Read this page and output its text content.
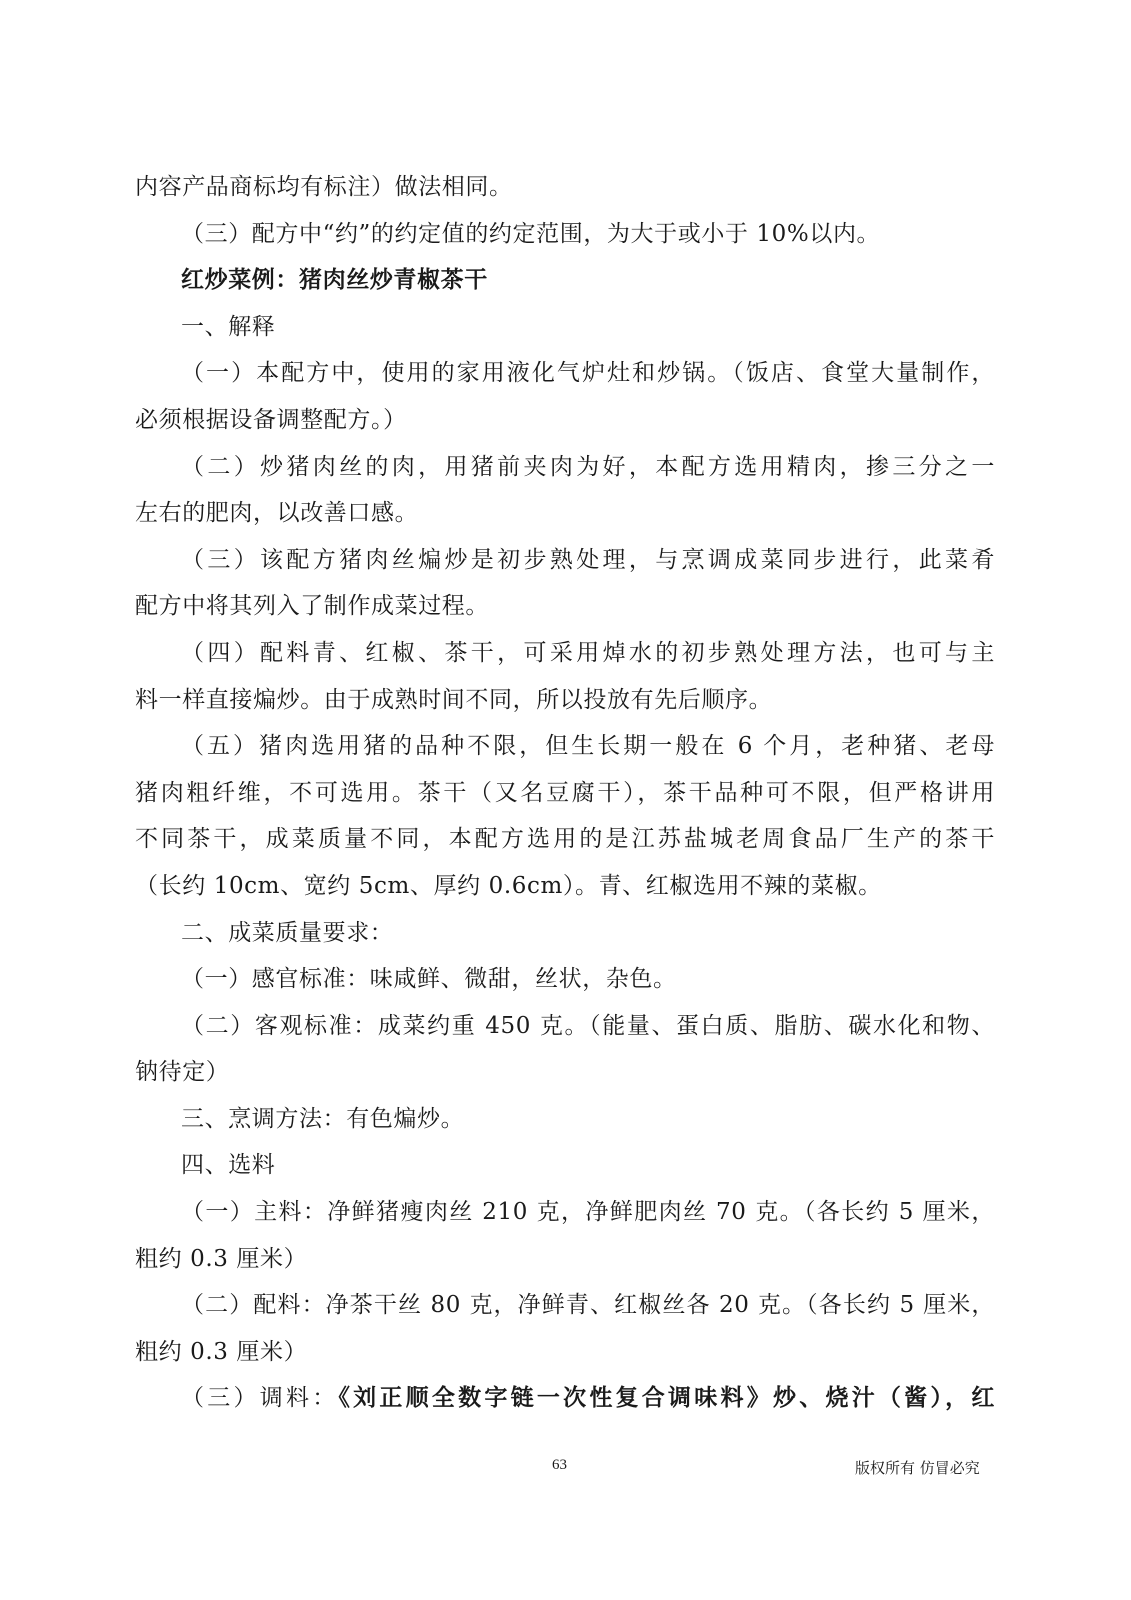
内容产品商标均有标注）做法相同。
（三）配方中“约”的约定值的约定范围，为大于或小于 10%以内。
红炒菜例：猪肉丝炒青椒茶干
一、解释
（一）本配方中，使用的家用液化气炉灶和炒锅。（饭店、食堂大量制作，
必须根据设备调整配方。）
（二）炒猪肉丝的肉，用猪前夹肉为好，本配方选用精肉，掺三分之一
左右的肥肉，以改善口感。
（三）该配方猪肉丝煸炒是初步熟处理，与烹调成菜同步进行，此菜肴
配方中将其列入了制作成菜过程。
（四）配料青、红椒、茶干，可采用焯水的初步熟处理方法，也可与主
料一样直接煸炒。由于成熟时间不同，所以投放有先后顺序。
（五）猪肉选用猪的品种不限，但生长期一般在 6 个月，老种猪、老母
猪肉粗纤维，不可选用。茶干（又名豆腐干），茶干品种可不限，但严格讲用
不同茶干，成菜质量不同，本配方选用的是江苏盐城老周食品厂生产的茶干
（长约 10cm、宽约 5cm、厚约 0.6cm）。青、红椒选用不辣的菜椒。
二、成菜质量要求：
（一）感官标准：味咸鲜、微甜，丝状，杂色。
（二）客观标准：成菜约重 450 克。（能量、蛋白质、脂肪、碳水化和物、
钠待定）
三、烹调方法：有色煸炒。
四、选料
（一）主料：净鲜猪瘦肉丝 210 克，净鲜肥肉丝 70 克。（各长约 5 厘米，
粗约 0.3 厘米）
（二）配料：净茶干丝 80 克，净鲜青、红椒丝各 20 克。（各长约 5 厘米，
粗约 0.3 厘米）
（三）调料：《刘正顺全数字链一次性复合调味料》炒、烧汁（酱），红
63	版权所有 仿冒必究
